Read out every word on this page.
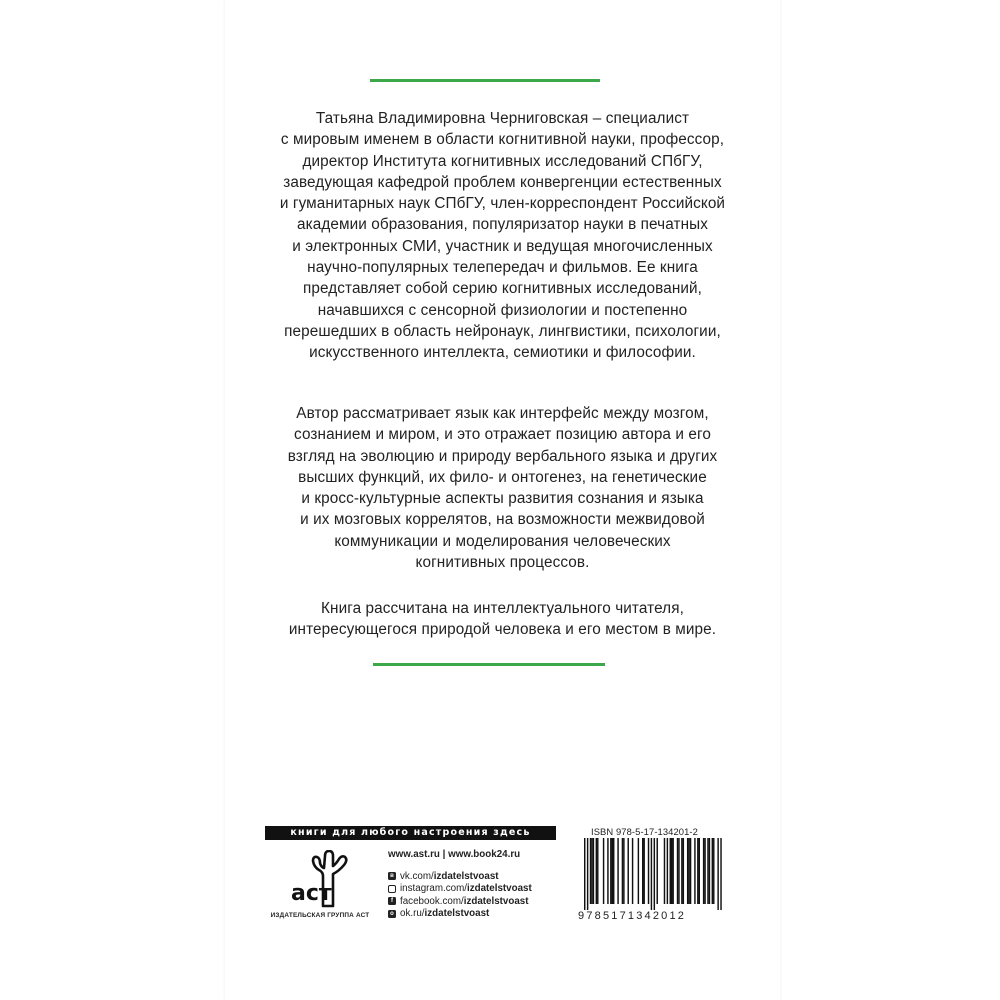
Татьяна Владимировна Черниговская – специалист
с мировым именем в области когнитивной науки, профессор,
директор Института когнитивных исследований СПбГУ,
заведующая кафедрой проблем конвергенции естественных
и гуманитарных наук СПбГУ, член-корреспондент Российской
академии образования, популяризатор науки в печатных
и электронных СМИ, участник и ведущая многочисленных
научно-популярных телепередач и фильмов. Ее книга
представляет собой серию когнитивных исследований,
начавшихся с сенсорной физиологии и постепенно
перешедших в область нейронаук, лингвистики, психологии,
искусственного интеллекта, семиотики и философии.
Автор рассматривает язык как интерфейс между мозгом,
сознанием и миром, и это отражает позицию автора и его
взгляд на эволюцию и природу вербального языка и других
высших функций, их фило- и онтогенез, на генетические
и кросс-культурные аспекты развития сознания и языка
и их мозговых коррелятов, на возможности межвидовой
коммуникации и моделирования человеческих
когнитивных процессов.
Книга рассчитана на интеллектуального читателя,
интересующегося природой человека и его местом в мире.
книги для любого настроения здесь
аст
ИЗДАТЕЛЬСКАЯ ГРУППА АСТ
www.ast.ru | www.book24.ru
в vk.com/ izdatelstvoast
instagram.com/ izdatelstvoast
f facebook.com/ izdatelstvoast
о ok.ru/ izdatelstvoast
ISBN 978-5-17-134201-2
9785171342012
